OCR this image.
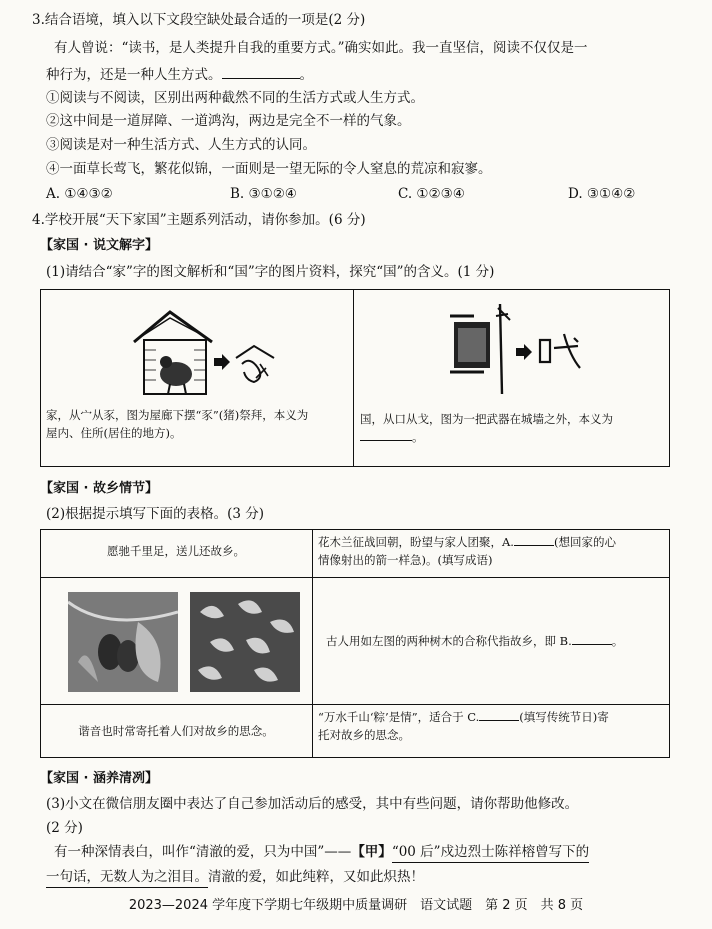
3.结合语境，填入以下文段空缺处最合适的一项是(2 分)
有人曾说：“读书，是人类提升自我的重要方式。”确实如此。我一直坚信，阅读不仅仅是一
种行为，还是一种人生方式。	。
①阅读与不阅读，区别出两种截然不同的生活方式或人生方式。
②这中间是一道屏障、一道鸿沟，两边是完全不一样的气象。
③阅读是对一种生活方式、人生方式的认同。
④一面草长莺飞，繁花似锦，一面则是一望无际的令人窒息的荒凉和寂寥。
A. ①④③②	B. ③①②④	C. ①②③④	D. ③①④②
4.学校开展“天下家国”主题系列活动，请你参加。(6 分)
【家国 · 说文解字】
(1)请结合“家”字的图文解析和“国”字的图片资料，探究“国”的含义。(1 分)
家，从宀从豕，图为屋廊下摆“豕”(猪)祭拜，本义为
屋内、住所(居住的地方)。
国，从口从戈，图为一把武器在城墙之外，本义为
。
【家国 · 故乡情节】
(2)根据提示填写下面的表格。(3 分)
愿驰千里足，送儿还故乡。
花木兰征战回朝，盼望与家人团聚，A.	(想回家的心
情像射出的箭一样急)。(填写成语)
古人用如左图的两种树木的合称代指故乡，即 B.	。
谐音也时常寄托着人们对故乡的思念。
“万水千山‘粽’是情”，适合于 C.	(填写传统节日)寄
托对故乡的思念。
【家国 · 涵养清冽】
(3)小文在微信朋友圈中表达了自己参加活动后的感受，其中有些问题，请你帮助他修改。
(2 分)
有一种深情表白，叫作“清澈的爱，只为中国”——【甲】“00 后”戍边烈士陈祥榕曾写下的
一句话，无数人为之泪目。清澈的爱，如此纯粹，又如此炽热！
2023—2024 学年度下学期七年级期中质量调研　语文试题　第 2 页　共 8 页
